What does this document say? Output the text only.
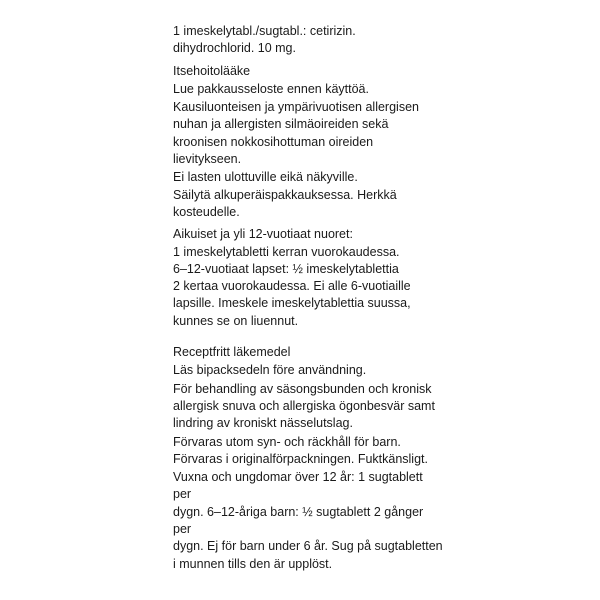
1 imeskelytabl./sugtabl.: cetirizin.
dihydrochlorid. 10 mg.

Itsehoitolääke

Lue pakkausseloste ennen käyttöä.

Kausiluonteisen ja ympärivuotisen allergisen
nuhan ja allergisten silmäoireiden sekä
kroonisen nokkosihottuman oireiden
lievitykseen.

Ei lasten ulottuville eikä näkyville.
Säilytä alkuperäispakkauksessa. Herkkä
kosteudelle.

Aikuiset ja yli 12-vuotiaat nuoret:
1 imeskelytabletti kerran vuorokaudessa.
6–12-vuotiaat lapset: ½ imeskelytablettia
2 kertaa vuorokaudessa. Ei alle 6-vuotiaille
lapsille. Imeskele imeskelytablettia suussa,
kunnes se on liuennut.

Receptfritt läkemedel

Läs bipacksedeln före användning.

För behandling av säsongsbunden och kronisk
allergisk snuva och allergiska ögonbesvär samt
lindring av kroniskt nässelutslag.

Förvaras utom syn- och räckhåll för barn.
Förvaras i originalförpackningen. Fuktkänsligt.

Vuxna och ungdomar över 12 år: 1 sugtablett per
dygn. 6–12-åriga barn: ½ sugtablett 2 gånger per
dygn. Ej för barn under 6 år. Sug på sugtabletten
i munnen tills den är upplöst.
